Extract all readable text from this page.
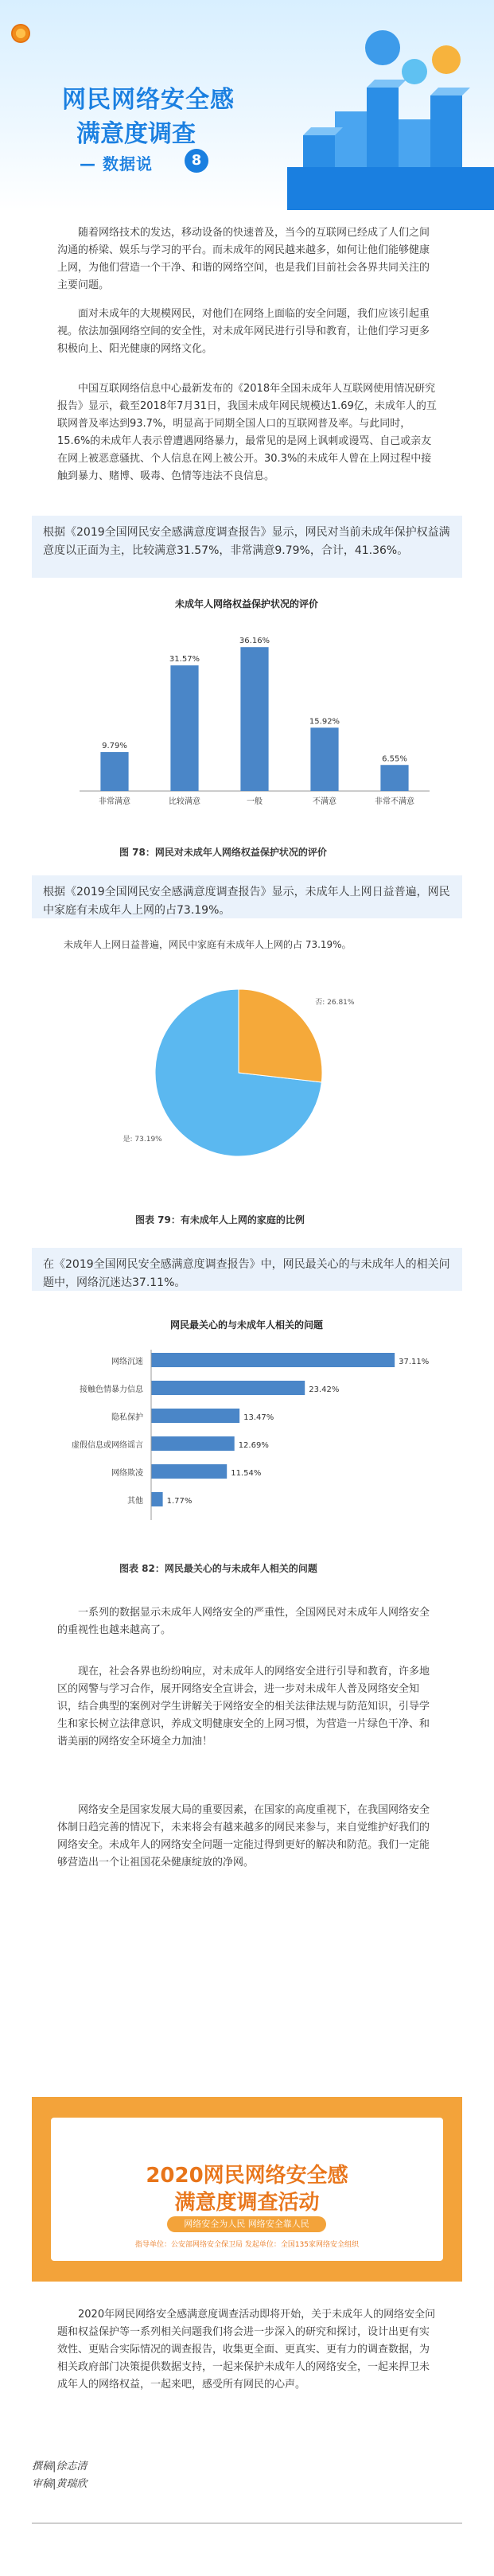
网民网络安全感
满意度调查
— 数据说	8

随着网络技术的发达，移动设备的快速普及，当今的互联网已经成了人们之间沟通的桥梁、娱乐与学习的平台。而未成年的网民越来越多，如何让他们能够健康上网，为他们营造一个干净、和谐的网络空间，也是我们目前社会各界共同关注的主要问题。

面对未成年的大规模网民，对他们在网络上面临的安全问题，我们应该引起重视。依法加强网络空间的安全性，对未成年网民进行引导和教育，让他们学习更多积极向上、阳光健康的网络文化。

中国互联网络信息中心最新发布的《2018年全国未成年人互联网使用情况研究报告》显示，截至2018年7月31日，我国未成年网民规模达1.69亿，未成年人的互联网普及率达到93.7%，明显高于同期全国人口的互联网普及率。与此同时，15.6%的未成年人表示曾遭遇网络暴力，最常见的是网上讽刺或谩骂、自己或亲友在网上被恶意骚扰、个人信息在网上被公开。30.3%的未成年人曾在上网过程中接触到暴力、赌博、吸毒、色情等违法不良信息。

根据《2019全国网民安全感满意度调查报告》显示，网民对当前未成年保护权益满意度以正面为主，比较满意31.57%，非常满意9.79%，合计，41.36%。
未成年人网络权益保护状况的评价
9.79%
非常满意
31.57%
比较满意
36.16%
一般
15.92%
不满意
6.55%
非常不满意
图 78：网民对未成年人网络权益保护状况的评价
根据《2019全国网民安全感满意度调查报告》显示，未成年人上网日益普遍，网民中家庭有未成年人上网的占73.19%。
未成年人上网日益普遍，网民中家庭有未成年人上网的占 73.19%。
是: 73.19%
否: 26.81%
图表 79：有未成年人上网的家庭的比例
在《2019全国网民安全感满意度调查报告》中，网民最关心的与未成年人的相关问题中，网络沉迷达37.11%。
网民最关心的与未成年人相关的问题
网络沉迷	37.11%
接触色情暴力信息	23.42%
隐私保护	13.47%
虚假信息或网络谣言	12.69%
网络欺凌	11.54%
其他	1.77%
图表 82：网民最关心的与未成年人相关的问题

一系列的数据显示未成年人网络安全的严重性，全国网民对未成年人网络安全的重视性也越来越高了。

现在，社会各界也纷纷响应，对未成年人的网络安全进行引导和教育，许多地区的网警与学习合作，展开网络安全宣讲会，进一步对未成年人普及网络安全知识，结合典型的案例对学生讲解关于网络安全的相关法律法规与防范知识，引导学生和家长树立法律意识，养成文明健康安全的上网习惯，为营造一片绿色干净、和谐美丽的网络安全环境全力加油！

网络安全是国家发展大局的重要因素，在国家的高度重视下，在我国网络安全体制日趋完善的情况下，未来将会有越来越多的网民来参与，来自觉维护好我们的网络安全。未成年人的网络安全问题一定能过得到更好的解决和防范。我们一定能够营造出一个让祖国花朵健康绽放的净网。

2020网民网络安全感
满意度调查活动
网络安全为人民 网络安全靠人民
指导单位：公安部网络安全保卫局 发起单位：全国135家网络安全组织

2020年网民网络安全感满意度调查活动即将开始，关于未成年人的网络安全问题和权益保护等一系列相关问题我们将会进一步深入的研究和探讨，设计出更有实效性、更贴合实际情况的调查报告，收集更全面、更真实、更有力的调查数据，为相关政府部门决策提供数据支持，一起来保护未成年人的网络安全，一起来捍卫未成年人的网络权益，一起来吧，感受所有网民的心声。

撰稿|徐志清
审稿|黄瑞欣
